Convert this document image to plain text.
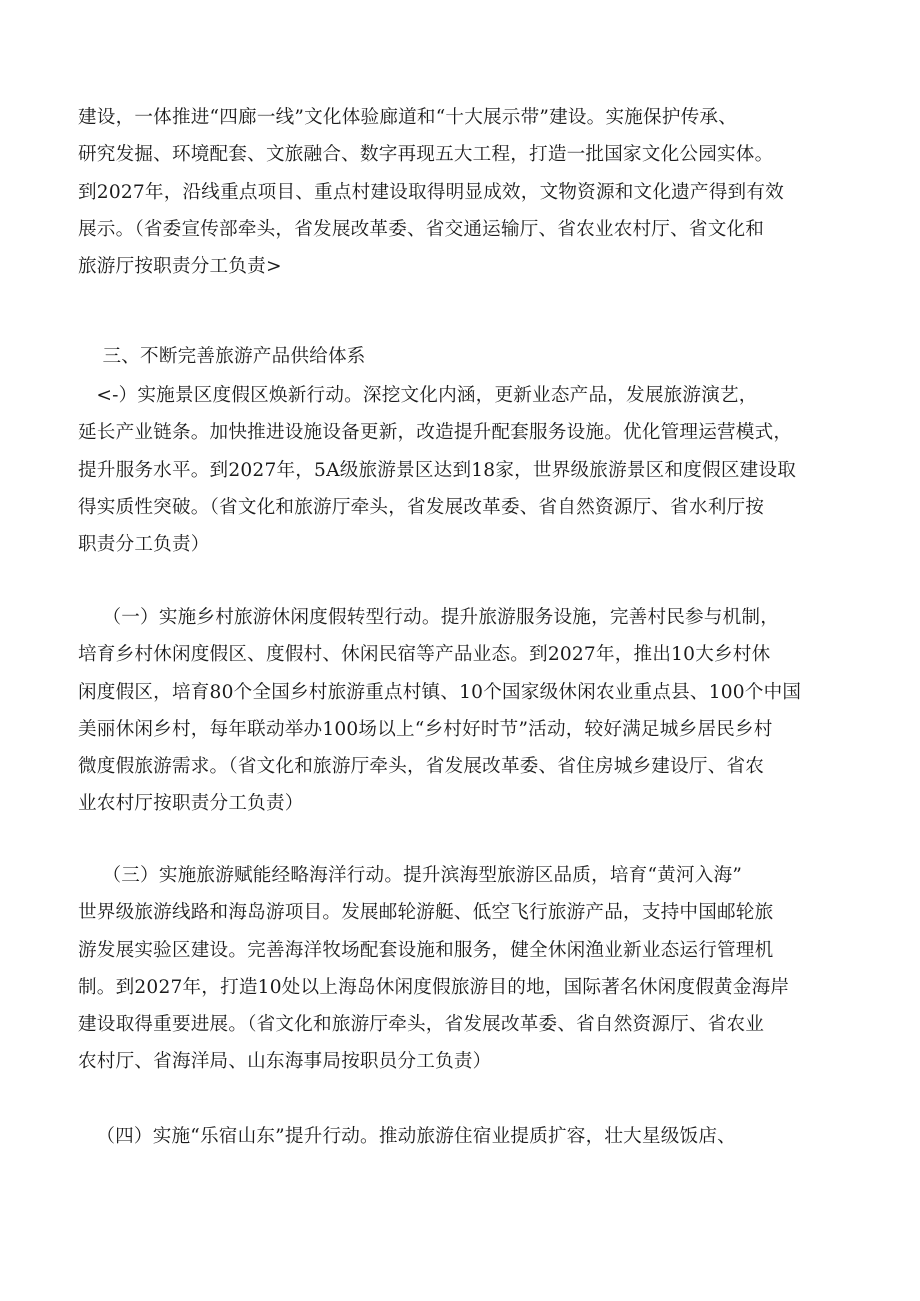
建设，一体推进“四廊一线”文化体验廊道和“十大展示带”建设。实施保护传承、
研究发掘、环境配套、文旅融合、数字再现五大工程，打造一批国家文化公园实体。
到2027年，沿线重点项目、重点村建设取得明显成效，文物资源和文化遗产得到有效
展示。（省委宣传部牵头，省发展改革委、省交通运输厅、省农业农村厅、省文化和
旅游厅按职责分工负责>
三、不断完善旅游产品供给体系
<-）实施景区度假区焕新行动。深挖文化内涵，更新业态产品，发展旅游演艺，
延长产业链条。加快推进设施设备更新，改造提升配套服务设施。优化管理运营模式，
提升服务水平。到2027年，5A级旅游景区达到18家，世界级旅游景区和度假区建设取
得实质性突破。（省文化和旅游厅牵头，省发展改革委、省自然资源厅、省水利厅按
职责分工负责）
（一）实施乡村旅游休闲度假转型行动。提升旅游服务设施，完善村民参与机制，
培育乡村休闲度假区、度假村、休闲民宿等产品业态。到2027年，推出10大乡村休
闲度假区，培育80个全国乡村旅游重点村镇、10个国家级休闲农业重点县、100个中国
美丽休闲乡村，每年联动举办100场以上“乡村好时节”活动，较好满足城乡居民乡村
微度假旅游需求。（省文化和旅游厅牵头，省发展改革委、省住房城乡建设厅、省农
业农村厅按职责分工负责）
（三）实施旅游赋能经略海洋行动。提升滨海型旅游区品质，培育“黄河入海”
世界级旅游线路和海岛游项目。发展邮轮游艇、低空飞行旅游产品，支持中国邮轮旅
游发展实验区建设。完善海洋牧场配套设施和服务，健全休闲渔业新业态运行管理机
制。到2027年，打造10处以上海岛休闲度假旅游目的地，国际著名休闲度假黄金海岸
建设取得重要进展。（省文化和旅游厅牵头，省发展改革委、省自然资源厅、省农业
农村厅、省海洋局、山东海事局按职员分工负责）
（四）实施“乐宿山东”提升行动。推动旅游住宿业提质扩容，壮大星级饭店、
